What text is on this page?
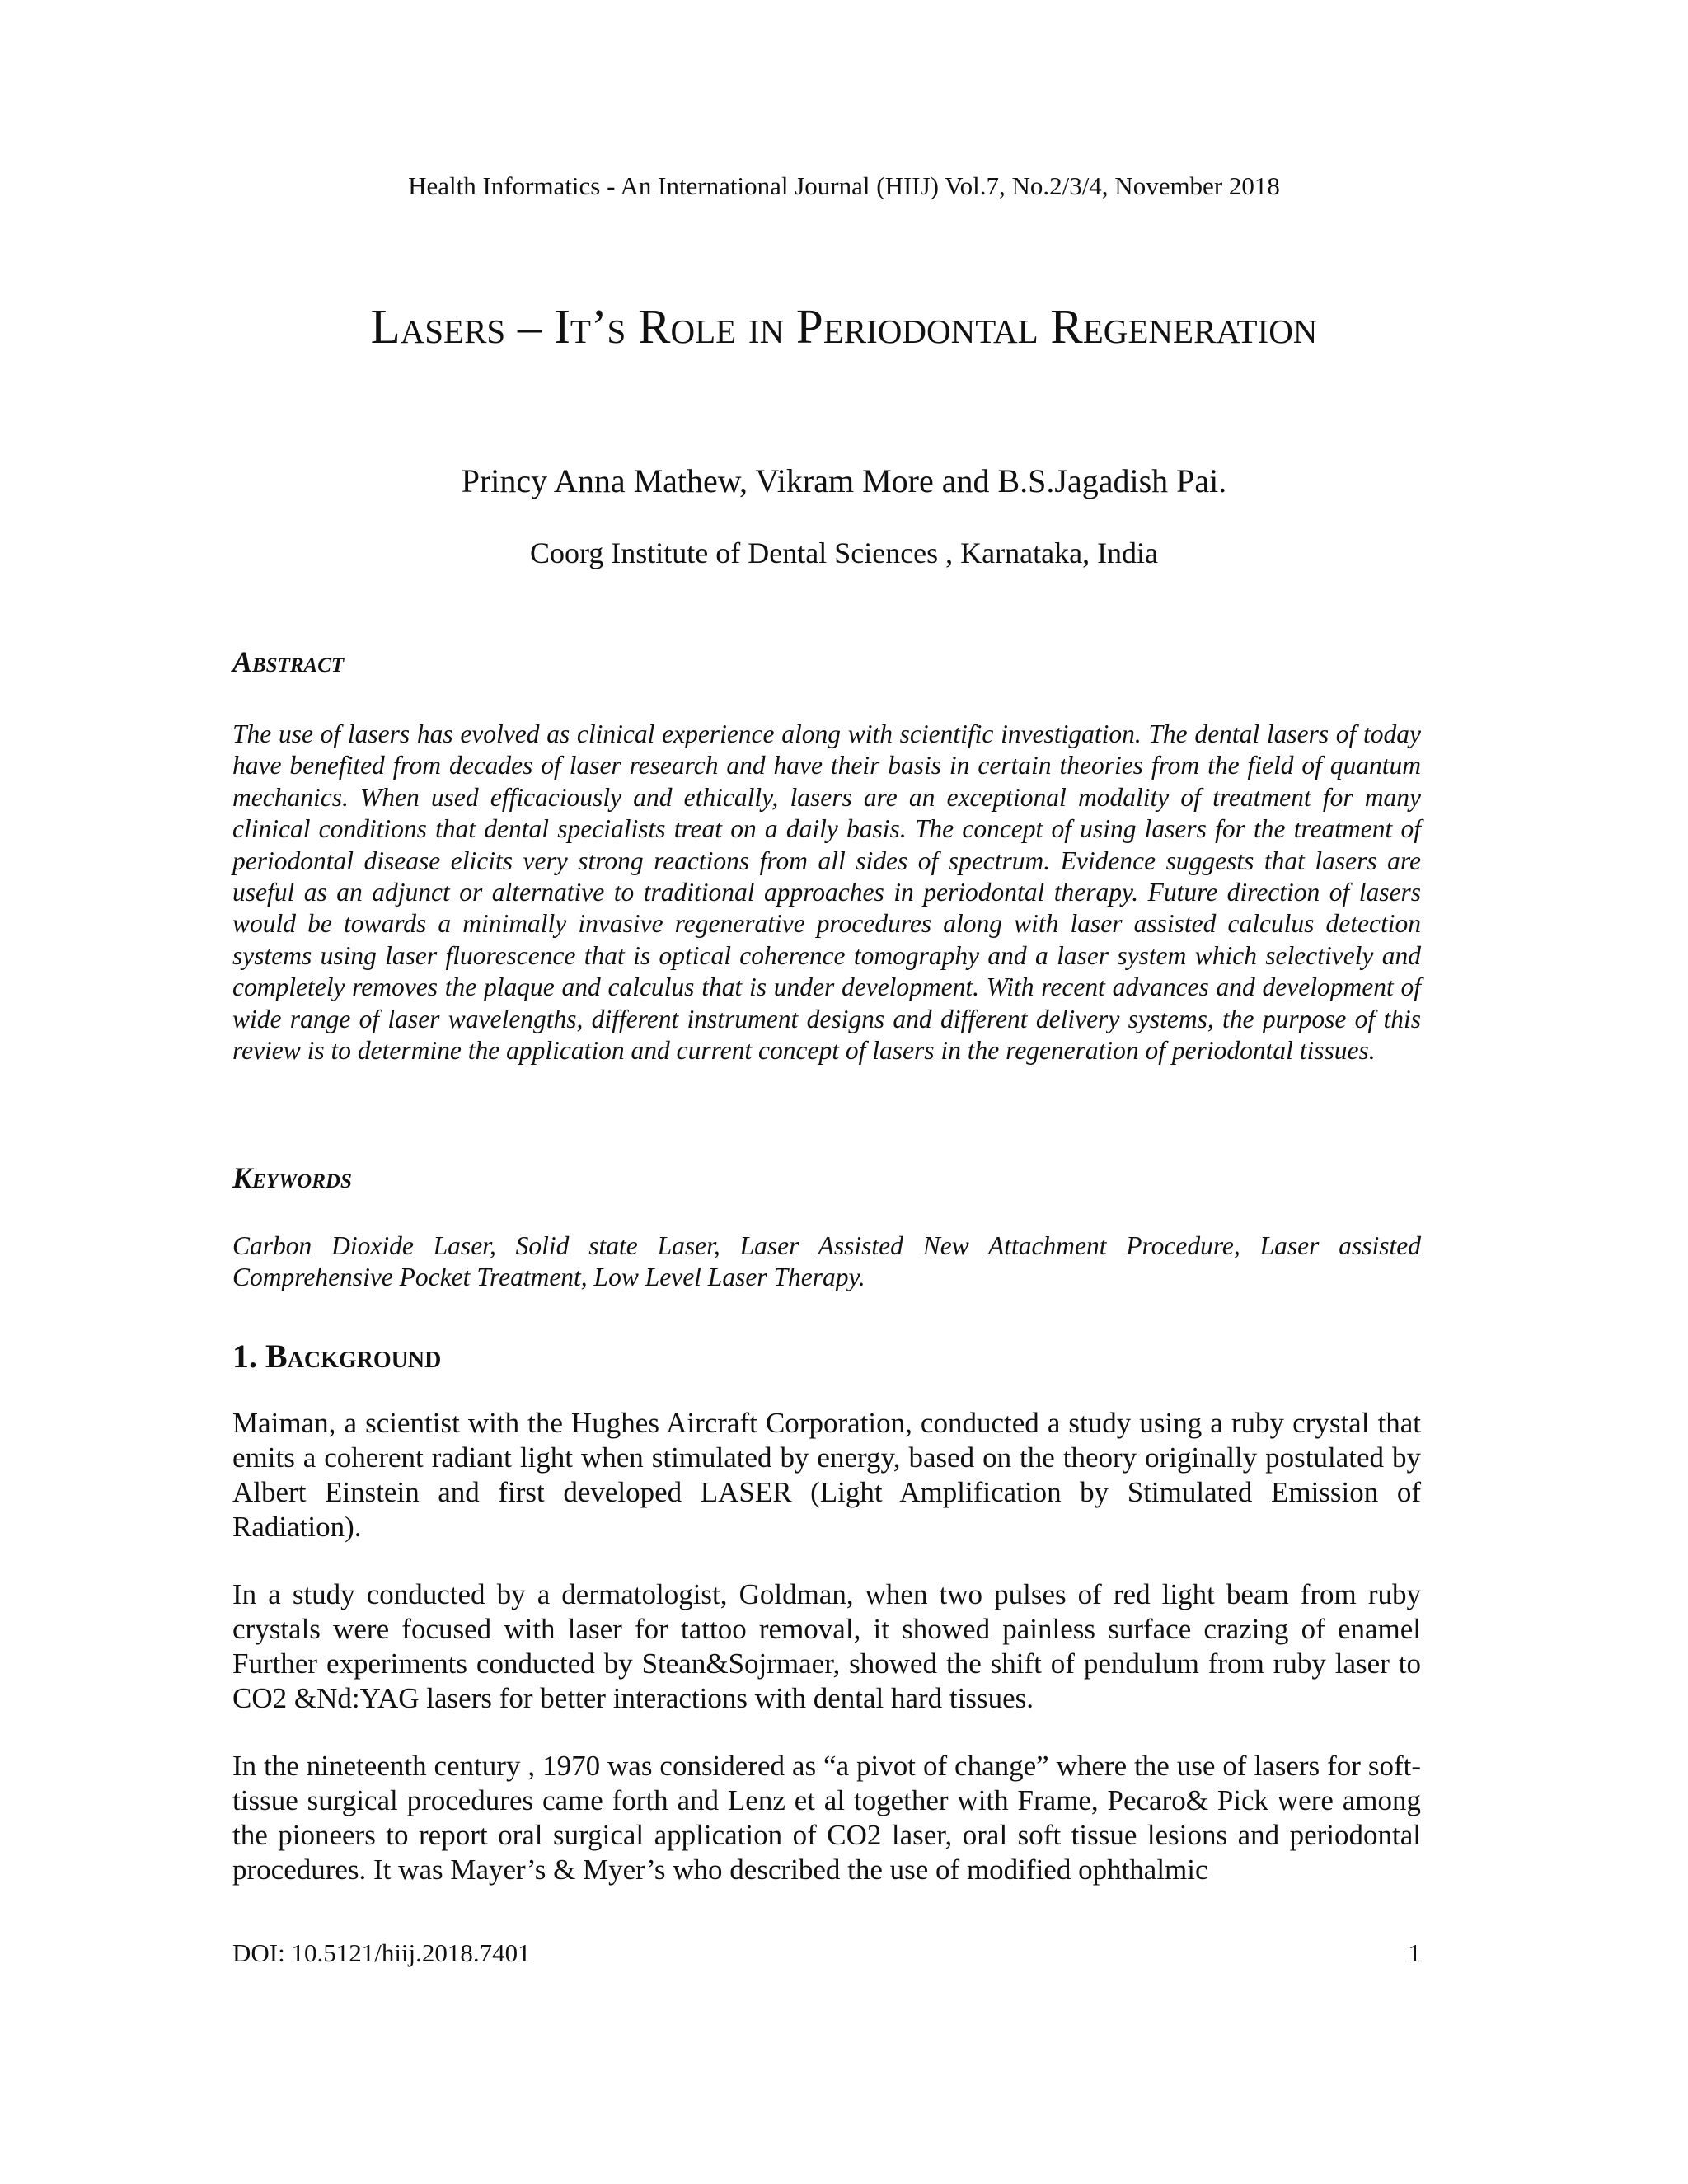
Health Informatics - An International Journal (HIIJ) Vol.7, No.2/3/4, November 2018
Lasers – It’s Role in Periodontal Regeneration
Princy Anna Mathew, Vikram More and B.S.Jagadish Pai.
Coorg Institute of Dental Sciences , Karnataka, India
Abstract

The use of lasers has evolved as clinical experience along with scientific investigation. The dental lasers of today have benefited from decades of laser research and have their basis in certain theories from the field of quantum mechanics. When used efficaciously and ethically, lasers are an exceptional modality of treatment for many clinical conditions that dental specialists treat on a daily basis. The concept of using lasers for the treatment of periodontal disease elicits very strong reactions from all sides of spectrum. Evidence suggests that lasers are useful as an adjunct or alternative to traditional approaches in periodontal therapy. Future direction of lasers would be towards a minimally invasive regenerative procedures along with laser assisted calculus detection systems using laser fluorescence that is optical coherence tomography and a laser system which selectively and completely removes the plaque and calculus that is under development. With recent advances and development of wide range of laser wavelengths, different instrument designs and different delivery systems, the purpose of this review is to determine the application and current concept of lasers in the regeneration of periodontal tissues.

Keywords

Carbon Dioxide Laser, Solid state Laser, Laser Assisted New Attachment Procedure, Laser assisted Comprehensive Pocket Treatment, Low Level Laser Therapy.

1. Background

Maiman, a scientist with the Hughes Aircraft Corporation, conducted a study using a ruby crystal that emits a coherent radiant light when stimulated by energy, based on the theory originally postulated by Albert Einstein and first developed LASER (Light Amplification by Stimulated Emission of Radiation).

In a study conducted by a dermatologist, Goldman, when two pulses of red light beam from ruby crystals were focused with laser for tattoo removal, it showed painless surface crazing of enamel Further experiments conducted by Stean&Sojrmaer, showed the shift of pendulum from ruby laser to CO2 &Nd:YAG lasers for better interactions with dental hard tissues.

In the nineteenth century , 1970 was considered as “a pivot of change” where the use of lasers for soft-tissue surgical procedures came forth and Lenz et al together with Frame, Pecaro& Pick were among the pioneers to report oral surgical application of CO2 laser, oral soft tissue lesions and periodontal procedures. It was Mayer’s & Myer’s who described the use of modified ophthalmic

DOI: 10.5121/hiij.2018.7401	1
